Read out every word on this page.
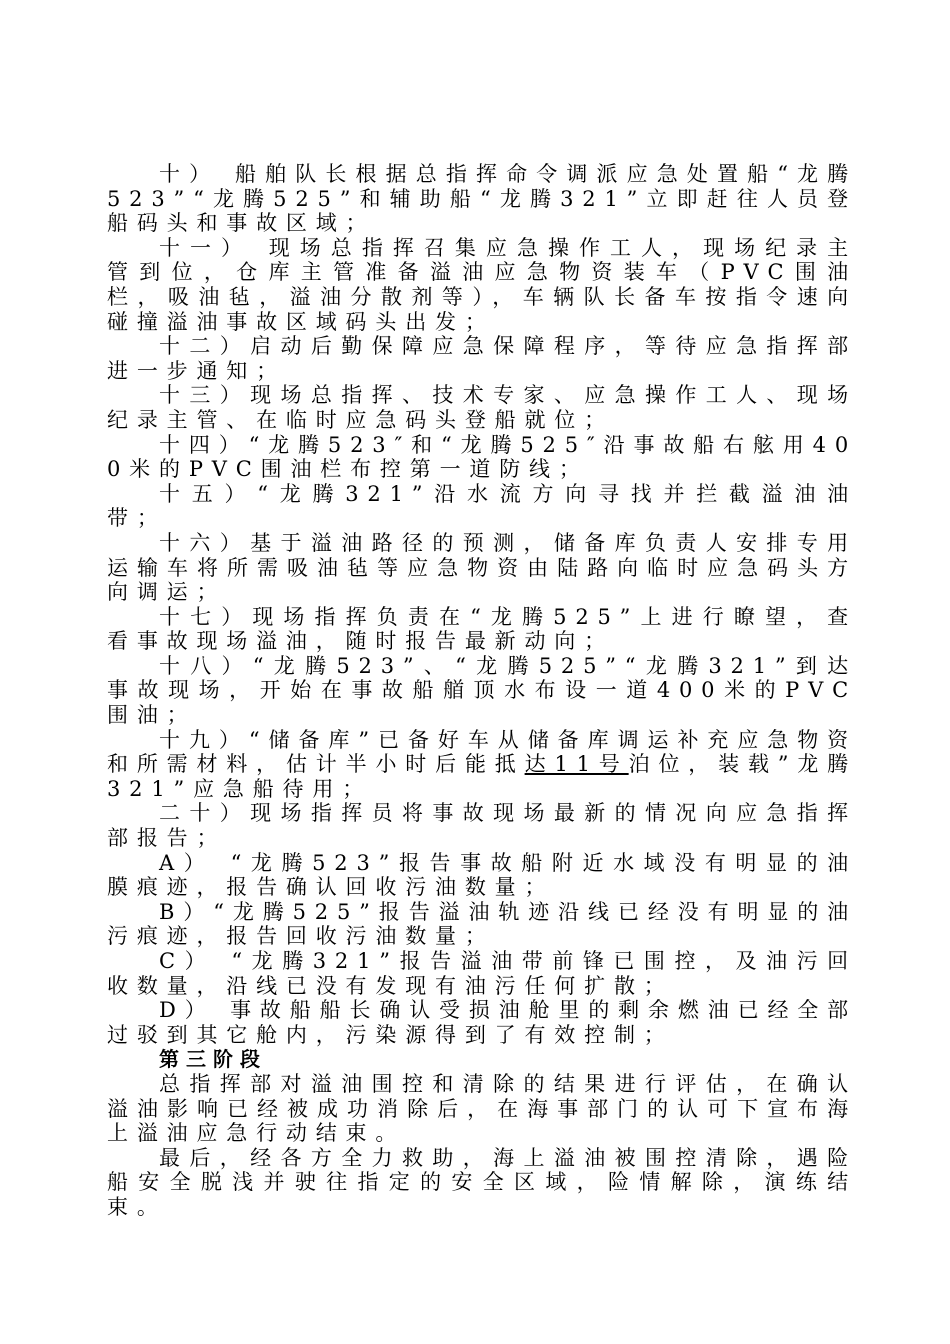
十） 船舶队长根据总指挥命令调派应急处置船“龙腾523”“龙腾525”和辅助船“龙腾321”立即赶往人员登船码头和事故区域；

十一） 现场总指挥召集应急操作工人，现场纪录主管到位，仓库主管准备溢油应急物资装车（PVC围油栏，吸油毡，溢油分散剂等），车辆队长备车按指令速向碰撞溢油事故区域码头出发；

十二）启动后勤保障应急保障程序，等待应急指挥部进一步通知；

十三）现场总指挥、技术专家、应急操作工人、现场纪录主管、在临时应急码头登船就位；

十四）“龙腾523″和“龙腾525″沿事故船右舷用400米的PVC围油栏布控第一道防线；

十五）“龙腾321”沿水流方向寻找并拦截溢油油带；

十六）基于溢油路径的预测，储备库负责人安排专用运输车将所需吸油毡等应急物资由陆路向临时应急码头方向调运；

十七）现场指挥负责在“龙腾525”上进行瞭望，查看事故现场溢油，随时报告最新动向；

十八）“龙腾523”、“龙腾525”“龙腾321”到达事故现场，开始在事故船艏顶水布设一道400米的PVC围油；

十九）“储备库”已备好车从储备库调运补充应急物资和所需材料，估计半小时后能抵达11号泊位，装载”龙腾321”应急船待用；

二十）现场指挥员将事故现场最新的情况向应急指挥部报告；

A） “龙腾523”报告事故船附近水域没有明显的油膜痕迹，报告确认回收污油数量；

B）“龙腾525”报告溢油轨迹沿线已经没有明显的油污痕迹，报告回收污油数量；

C） “龙腾321”报告溢油带前锋已围控，及油污回收数量，沿线已没有发现有油污任何扩散；

D） 事故船船长确认受损油舱里的剩余燃油已经全部过驳到其它舱内，污染源得到了有效控制；

第三阶段

总指挥部对溢油围控和清除的结果进行评估，在确认溢油影响已经被成功消除后，在海事部门的认可下宣布海上溢油应急行动结束。

最后，经各方全力救助，海上溢油被围控清除，遇险船安全脱浅并驶往指定的安全区域，险情解除，演练结束。
